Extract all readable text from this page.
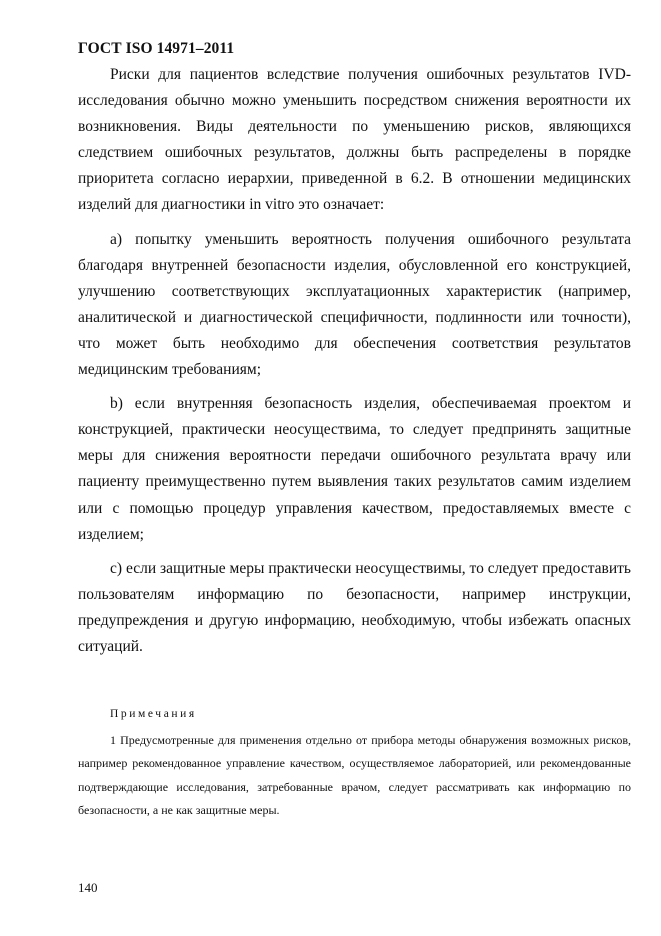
ГОСТ ISO 14971–2011

Риски для пациентов вследствие получения ошибочных результатов IVD-исследования обычно можно уменьшить посредством снижения вероятности их возникновения. Виды деятельности по уменьшению рисков, являющихся следствием ошибочных результатов, должны быть распределены в порядке приоритета согласно иерархии, приведенной в 6.2. В отношении медицинских изделий для диагностики in vitro это означает:

a) попытку уменьшить вероятность получения ошибочного результата благодаря внутренней безопасности изделия, обусловленной его конструкцией, улучшению соответствующих эксплуатационных характеристик (например, аналитической и диагностической специфичности, подлинности или точности), что может быть необходимо для обеспечения соответствия результатов медицинским требованиям;

b) если внутренняя безопасность изделия, обеспечиваемая проектом и конструкцией, практически неосуществима, то следует предпринять защитные меры для снижения вероятности передачи ошибочного результата врачу или пациенту преимущественно путем выявления таких результатов самим изделием или с помощью процедур управления качеством, предоставляемых вместе с изделием;

c) если защитные меры практически неосуществимы, то следует предоставить пользователям информацию по безопасности, например инструкции, предупреждения и другую информацию, необходимую, чтобы избежать опасных ситуаций.

Примечания

1 Предусмотренные для применения отдельно от прибора методы обнаружения возможных рисков, например рекомендованное управление качеством, осуществляемое лабораторией, или рекомендованные подтверждающие исследования, затребованные врачом, следует рассматривать как информацию по безопасности, а не как защитные меры.

140
